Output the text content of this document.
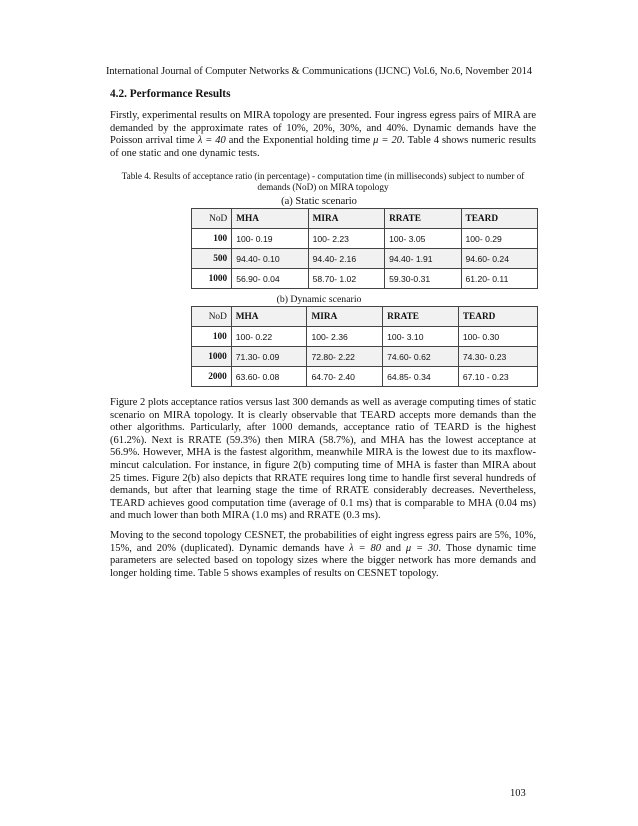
International Journal of Computer Networks & Communications (IJCNC) Vol.6, No.6, November 2014
4.2. Performance Results

Firstly, experimental results on MIRA topology are presented. Four ingress egress pairs of MIRA are demanded by the approximate rates of 10%, 20%, 30%, and 40%. Dynamic demands have the Poisson arrival time λ = 40 and the Exponential holding time μ = 20. Table 4 shows numeric results of one static and one dynamic tests.

Table 4. Results of acceptance ratio (in percentage) - computation time (in milliseconds) subject to number of demands (NoD) on MIRA topology

(a) Static scenario
NoD	MHA	MIRA	RRATE	TEARD
100	100- 0.19	100- 2.23	100- 3.05	100- 0.29
500	94.40- 0.10	94.40- 2.16	94.40- 1.91	94.60- 0.24
1000	56.90- 0.04	58.70- 1.02	59.30-0.31	61.20- 0.11
(b) Dynamic scenario
NoD	MHA	MIRA	RRATE	TEARD
100	100- 0.22	100- 2.36	100- 3.10	100- 0.30
1000	71.30- 0.09	72.80- 2.22	74.60- 0.62	74.30- 0.23
2000	63.60- 0.08	64.70- 2.40	64.85- 0.34	67.10 - 0.23

Figure 2 plots acceptance ratios versus last 300 demands as well as average computing times of static scenario on MIRA topology. It is clearly observable that TEARD accepts more demands than the other algorithms. Particularly, after 1000 demands, acceptance ratio of TEARD is the highest (61.2%). Next is RRATE (59.3%) then MIRA (58.7%), and MHA has the lowest acceptance at 56.9%. However, MHA is the fastest algorithm, meanwhile MIRA is the lowest due to its maxflow-mincut calculation. For instance, in figure 2(b) computing time of MHA is faster than MIRA about 25 times. Figure 2(b) also depicts that RRATE requires long time to handle first several hundreds of demands, but after that learning stage the time of RRATE considerably decreases. Nevertheless, TEARD achieves good computation time (average of 0.1 ms) that is comparable to MHA (0.04 ms) and much lower than both MIRA (1.0 ms) and RRATE (0.3 ms).

Moving to the second topology CESNET, the probabilities of eight ingress egress pairs are 5%, 10%, 15%, and 20% (duplicated). Dynamic demands have λ = 80 and μ = 30. Those dynamic time parameters are selected based on topology sizes where the bigger network has more demands and longer holding time. Table 5 shows examples of results on CESNET topology.

103
